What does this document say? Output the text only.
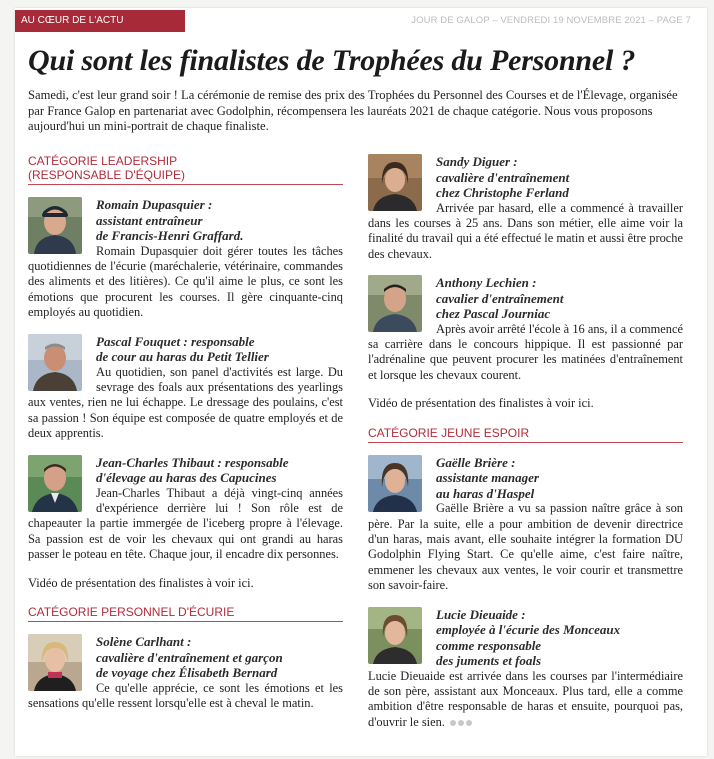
AU CŒUR DE L'ACTU	JOUR DE GALOP – VENDREDI 19 NOVEMBRE 2021 – PAGE 7
Qui sont les finalistes de Trophées du Personnel ?

Samedi, c'est leur grand soir ! La cérémonie de remise des prix des Trophées du Personnel des Courses et de l'Élevage, organisée par France Galop en partenariat avec Godolphin, récompensera les lauréats 2021 de chaque catégorie. Nous vous proposons aujourd'hui un mini-portrait de chaque finaliste.

CATÉGORIE LEADERSHIP
(RESPONSABLE D'ÉQUIPE)
Romain Dupasquier :
assistant entraîneur
de Francis-Henri Graffard.

Romain Dupasquier doit gérer toutes les tâches quotidiennes de l'écurie (maréchalerie, vétérinaire, commandes des aliments et des litières). Ce qu'il aime le plus, ce sont les émotions que procurent les courses. Il gère cinquante-cinq employés au quotidien.

Pascal Fouquet : responsable
de cour au haras du Petit Tellier

Au quotidien, son panel d'activités est large. Du sevrage des foals aux présentations des yearlings aux ventes, rien ne lui échappe. Le dressage des poulains, c'est sa passion ! Son équipe est composée de quatre employés et de deux apprentis.

Jean-Charles Thibaut : responsable
d'élevage au haras des Capucines

Jean-Charles Thibaut a déjà vingt-cinq années d'expérience derrière lui ! Son rôle est de chapeauter la partie immergée de l'iceberg propre à l'élevage. Sa passion est de voir les chevaux qui ont grandi au haras passer le poteau en tête. Chaque jour, il encadre dix personnes.

Vidéo de présentation des finalistes à voir ici.
CATÉGORIE PERSONNEL D'ÉCURIE
Solène Carlhant :
cavalière d'entraînement et garçon
de voyage chez Élisabeth Bernard

Ce qu'elle apprécie, ce sont les émotions et les sensations qu'elle ressent lorsqu'elle est à cheval le matin.

Sandy Diguer :
cavalière d'entraînement
chez Christophe Ferland

Arrivée par hasard, elle a commencé à travailler dans les courses à 25 ans. Dans son métier, elle aime voir la finalité du travail qui a été effectué le matin et aussi être proche des chevaux.

Anthony Lechien :
cavalier d'entraînement
chez Pascal Journiac

Après avoir arrêté l'école à 16 ans, il a commencé sa carrière dans le concours hippique. Il est passionné par l'adrénaline que peuvent procurer les matinées d'entraînement et lorsque les chevaux courent.

Vidéo de présentation des finalistes à voir ici.
CATÉGORIE JEUNE ESPOIR
Gaëlle Brière :
assistante manager
au haras d'Haspel

Gaëlle Brière a vu sa passion naître grâce à son père. Par la suite, elle a pour ambition de devenir directrice d'un haras, mais avant, elle souhaite intégrer la formation DU Godolphin Flying Start. Ce qu'elle aime, c'est faire naître, emmener les chevaux aux ventes, le voir courir et transmettre son savoir-faire.

Lucie Dieuaide :
employée à l'écurie des Monceaux
comme responsable
des juments et foals

Lucie Dieuaide est arrivée dans les courses par l'intermédiaire de son père, assistant aux Monceaux. Plus tard, elle a comme ambition d'être responsable de haras et ensuite, pourquoi pas, d'ouvrir le sien.
